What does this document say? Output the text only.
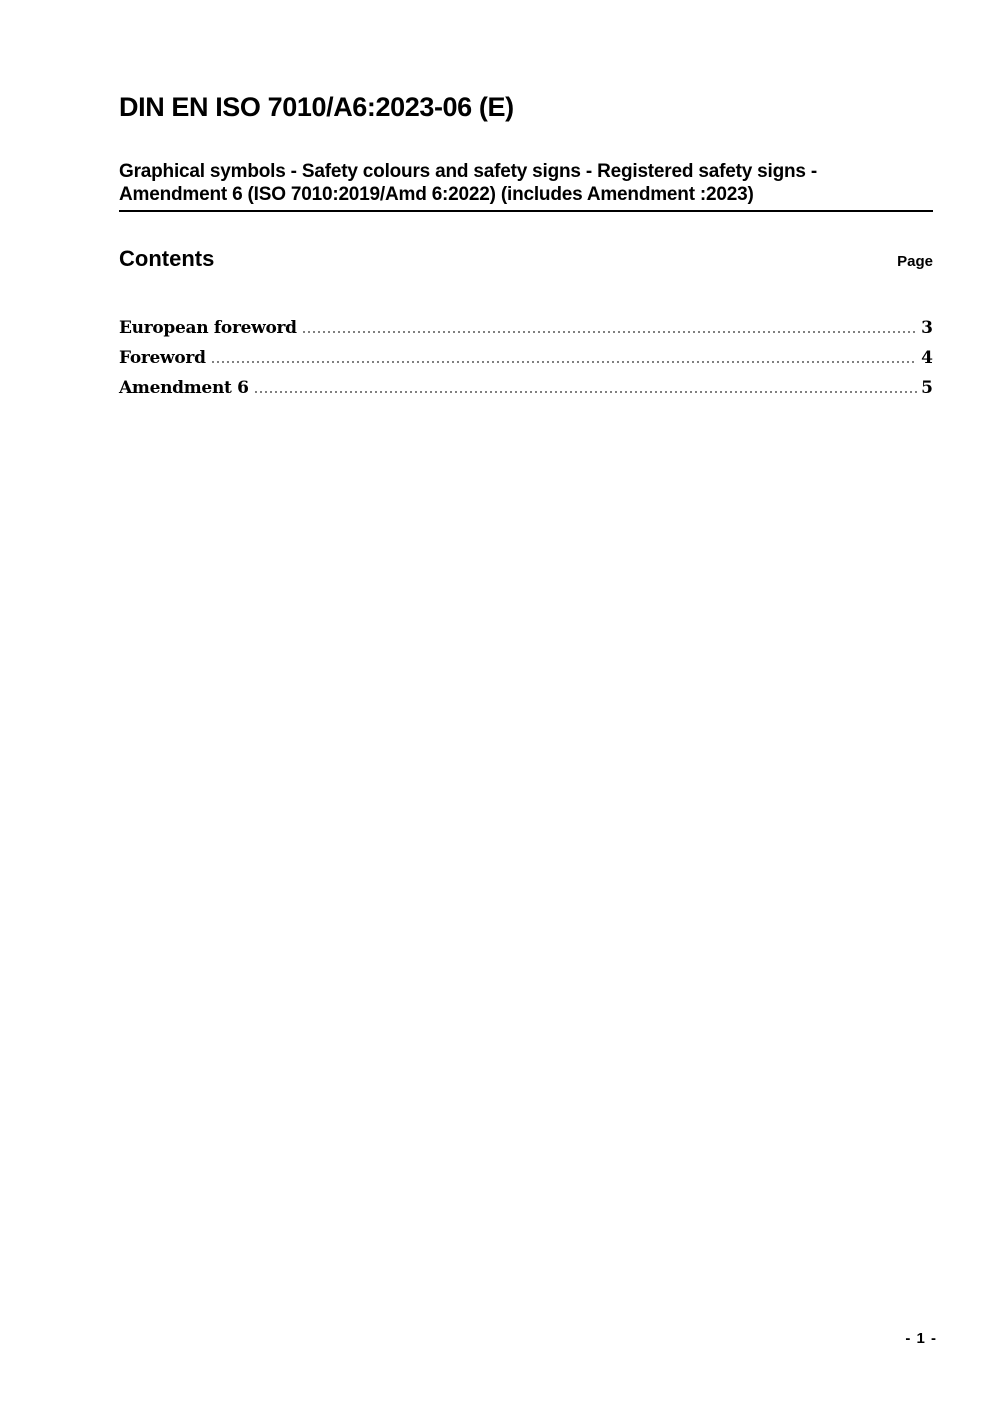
DIN EN ISO 7010/A6:2023-06 (E)
Graphical symbols - Safety colours and safety signs - Registered safety signs -
Amendment 6 (ISO 7010:2019/Amd 6:2022) (includes Amendment :2023)
Contents	Page
European foreword	3
Foreword	4
Amendment 6	5
- 1 -
